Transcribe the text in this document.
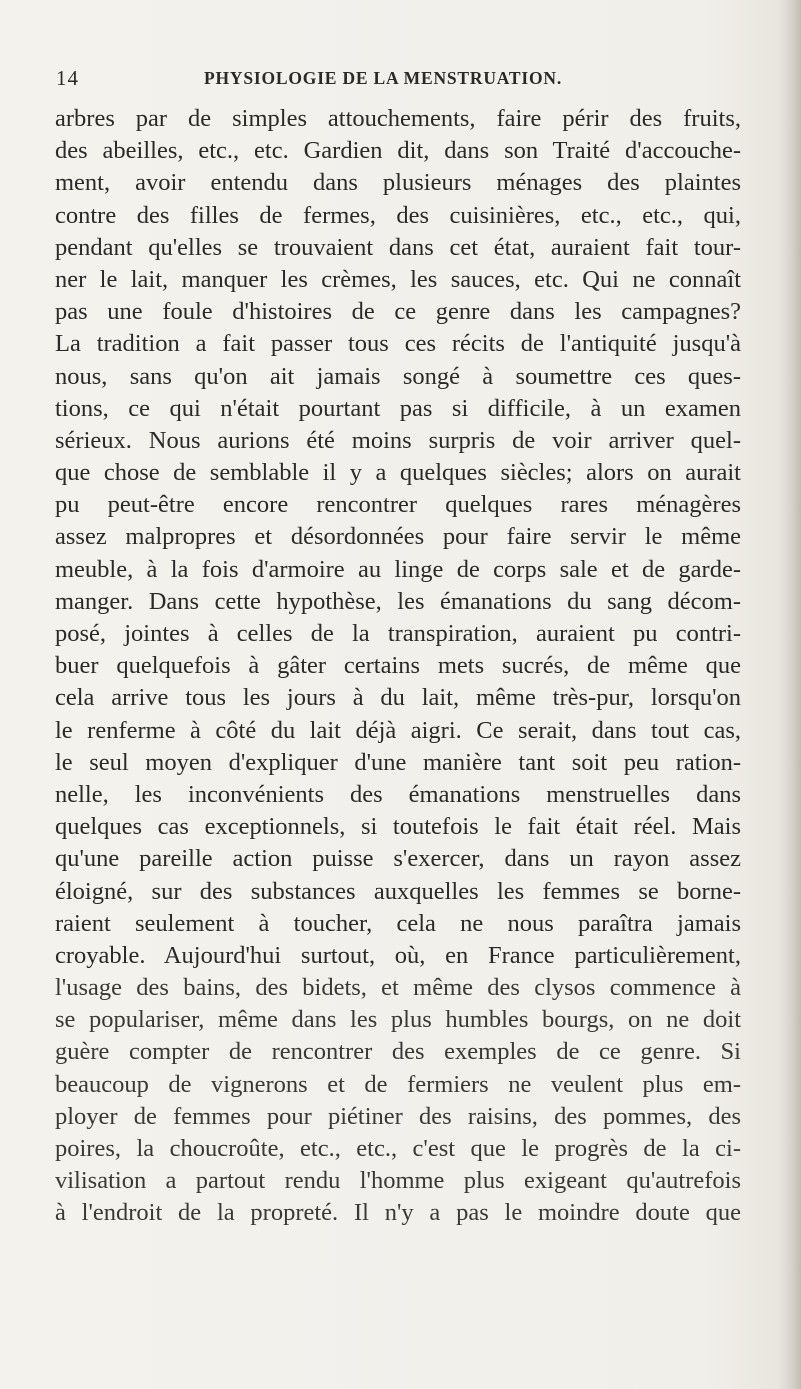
14	PHYSIOLOGIE DE LA MENSTRUATION.
arbres par de simples attouchements, faire périr des fruits,
des abeilles, etc., etc. Gardien dit, dans son Traité d'accouche-
ment, avoir entendu dans plusieurs ménages des plaintes
contre des filles de fermes, des cuisinières, etc., etc., qui,
pendant qu'elles se trouvaient dans cet état, auraient fait tour-
ner le lait, manquer les crèmes, les sauces, etc. Qui ne connaît
pas une foule d'histoires de ce genre dans les campagnes?
La tradition a fait passer tous ces récits de l'antiquité jusqu'à
nous, sans qu'on ait jamais songé à soumettre ces ques-
tions, ce qui n'était pourtant pas si difficile, à un examen
sérieux. Nous aurions été moins surpris de voir arriver quel-
que chose de semblable il y a quelques siècles; alors on aurait
pu peut-être encore rencontrer quelques rares ménagères
assez malpropres et désordonnées pour faire servir le même
meuble, à la fois d'armoire au linge de corps sale et de garde-
manger. Dans cette hypothèse, les émanations du sang décom-
posé, jointes à celles de la transpiration, auraient pu contri-
buer quelquefois à gâter certains mets sucrés, de même que
cela arrive tous les jours à du lait, même très-pur, lorsqu'on
le renferme à côté du lait déjà aigri. Ce serait, dans tout cas,
le seul moyen d'expliquer d'une manière tant soit peu ration-
nelle, les inconvénients des émanations menstruelles dans
quelques cas exceptionnels, si toutefois le fait était réel. Mais
qu'une pareille action puisse s'exercer, dans un rayon assez
éloigné, sur des substances auxquelles les femmes se borne-
raient seulement à toucher, cela ne nous paraîtra jamais
croyable. Aujourd'hui surtout, où, en France particulièrement,
l'usage des bains, des bidets, et même des clysos commence à
se populariser, même dans les plus humbles bourgs, on ne doit
guère compter de rencontrer des exemples de ce genre. Si
beaucoup de vignerons et de fermiers ne veulent plus em-
ployer de femmes pour piétiner des raisins, des pommes, des
poires, la choucroûte, etc., etc., c'est que le progrès de la ci-
vilisation a partout rendu l'homme plus exigeant qu'autrefois
à l'endroit de la propreté. Il n'y a pas le moindre doute que
